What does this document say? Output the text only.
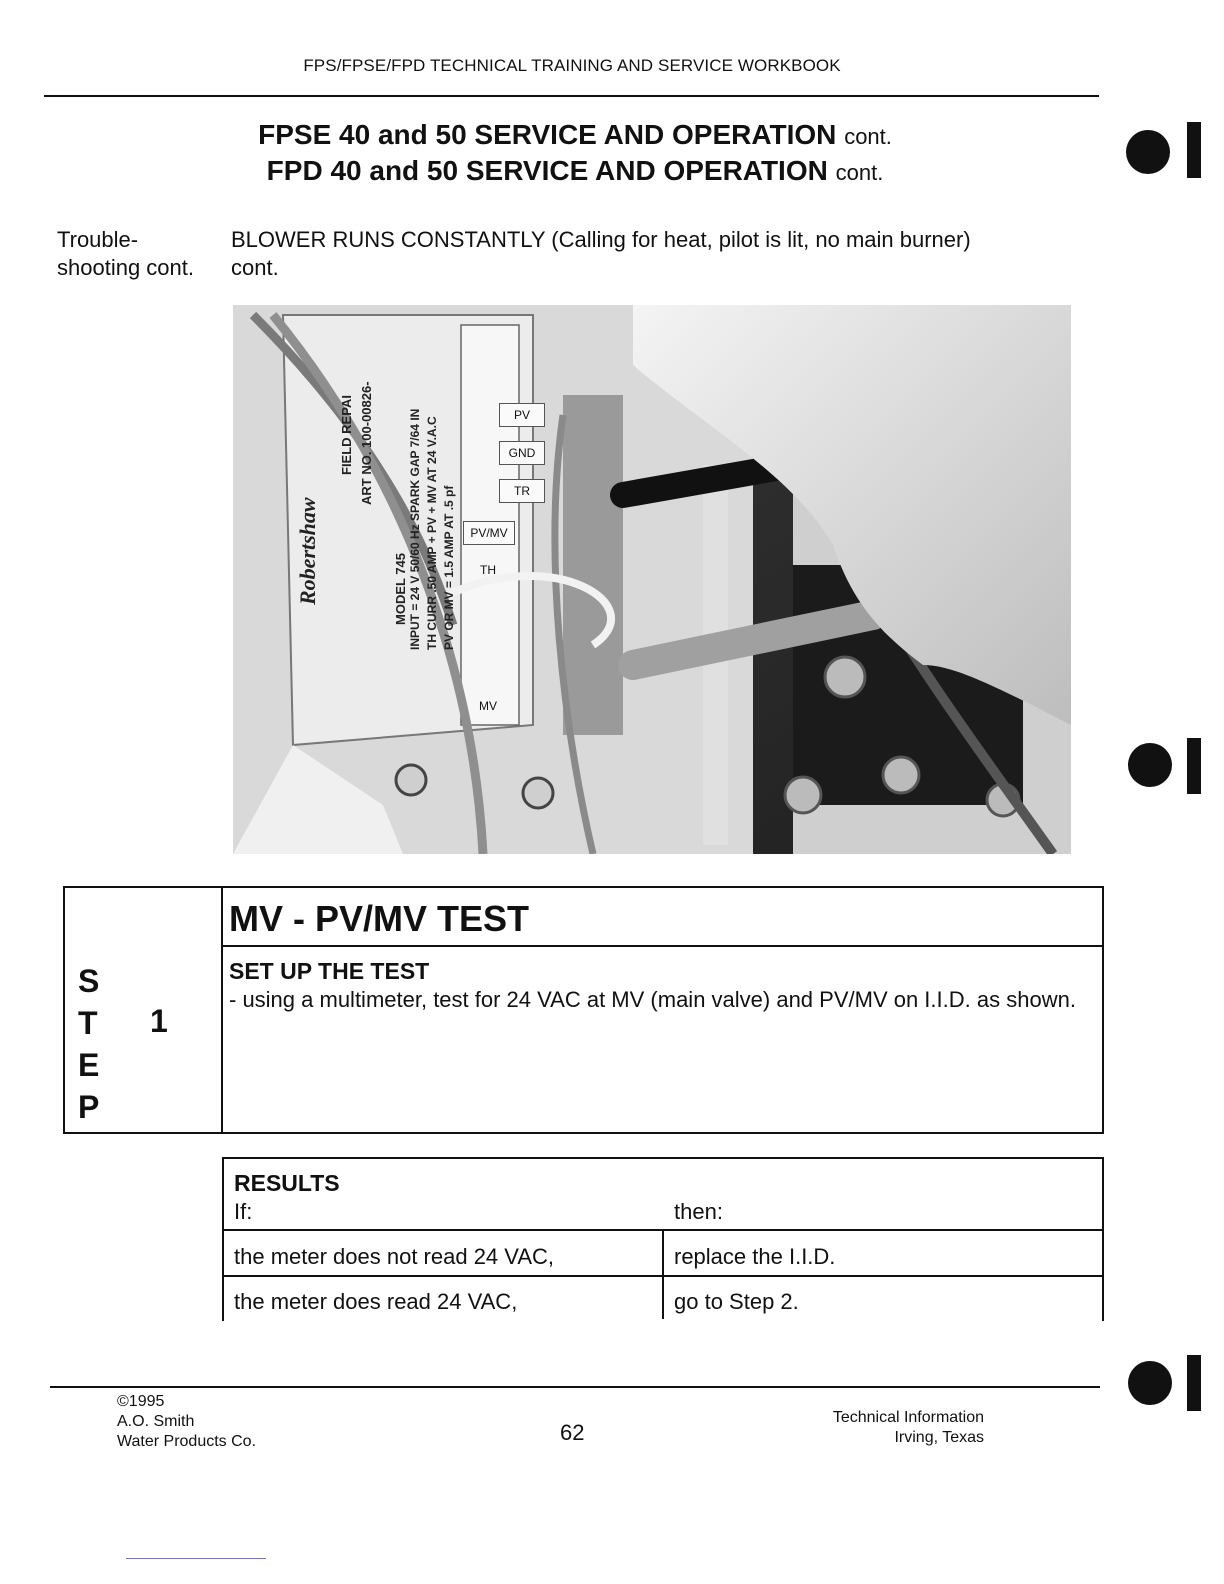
FPS/FPSE/FPD TECHNICAL TRAINING AND SERVICE WORKBOOK
FPSE 40 and 50 SERVICE AND OPERATION cont.
FPD 40 and 50 SERVICE AND OPERATION cont.
Trouble-
shooting cont.
BLOWER RUNS CONSTANTLY (Calling for heat, pilot is lit, no main burner)
cont.
PV
GND
TR
PV/MV
TH
MV
Robertshaw
FIELD REPAI ART NO. 100-00826-
MODEL 745 INPUT = 24 V 50/60 Hz SPARK GAP 7/64 IN TH CURR .50 AMP + PV + MV AT 24 V.A.C PV OR MV = 1.5 AMP AT .5 pf
S
T
E
P
1
MV - PV/MV TEST
SET UP THE TEST
- using a multimeter, test for 24 VAC at MV (main valve) and PV/MV on I.I.D. as shown.
RESULTS
If:	then:
the meter does not read 24 VAC,	replace the I.I.D.
the meter does read 24 VAC,	go to Step 2.
©1995
A.O. Smith
Water Products Co.	62
Technical Information
Irving, Texas
